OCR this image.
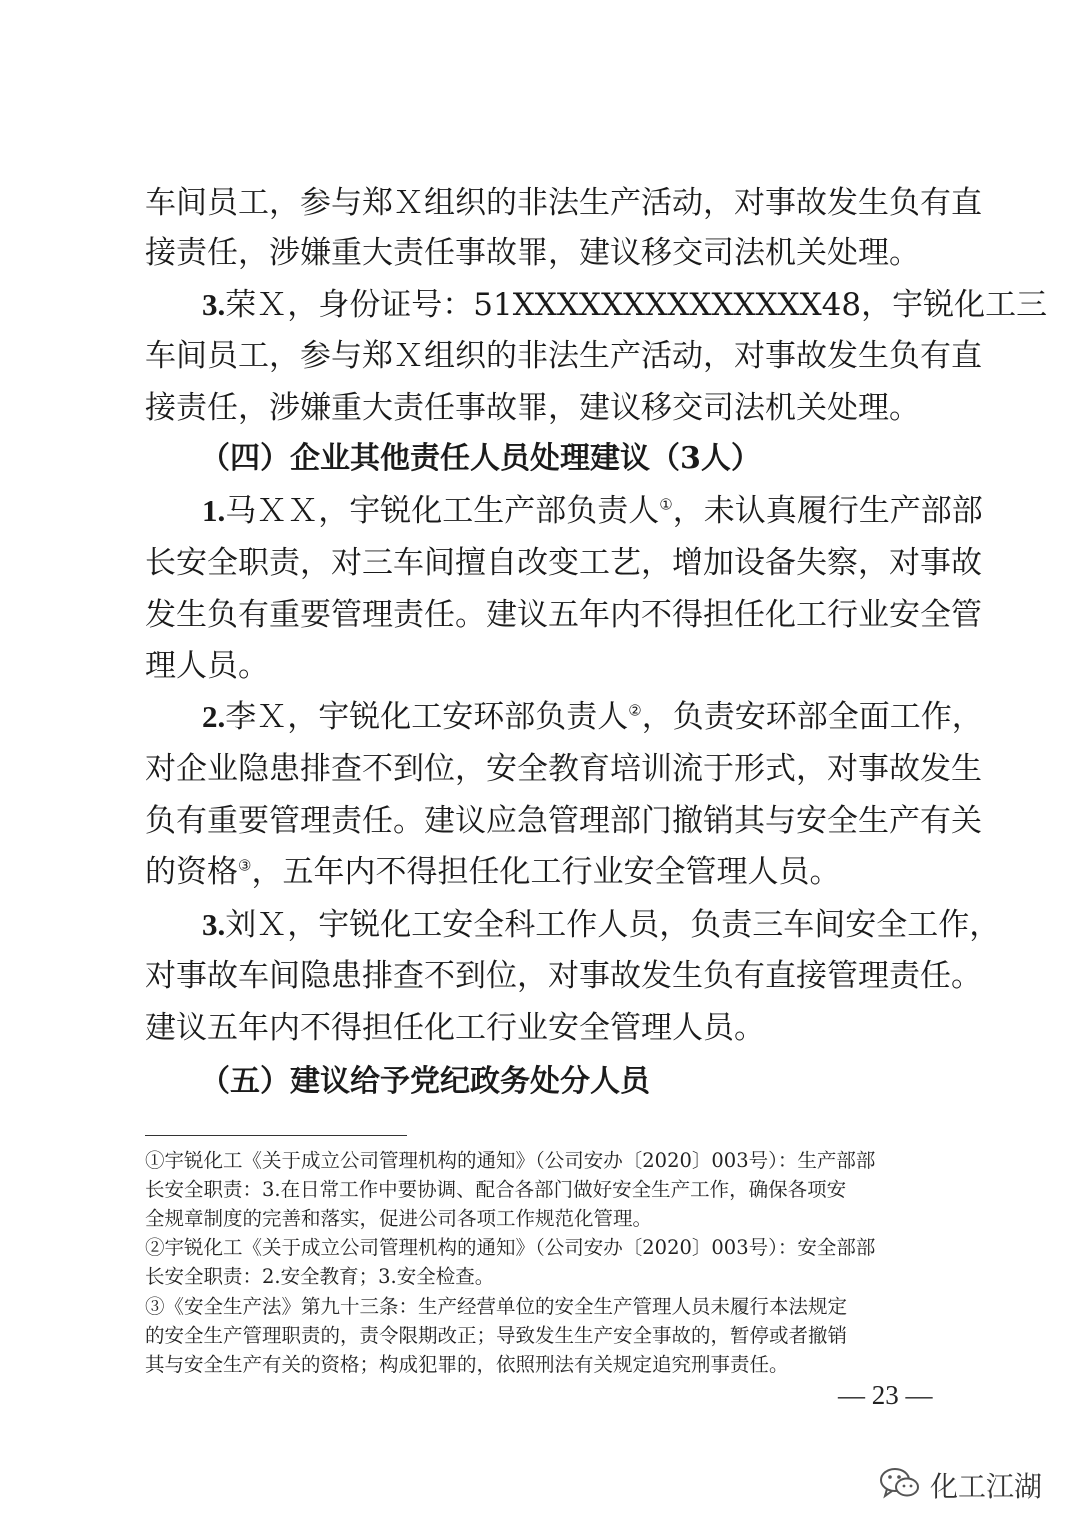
车间员工，参与郑Ｘ组织的非法生产活动，对事故发生负有直
接责任，涉嫌重大责任事故罪，建议移交司法机关处理。
3.荣Ｘ，身份证号：51XXXXXXXXXXXXXX48，宇锐化工三
车间员工，参与郑Ｘ组织的非法生产活动，对事故发生负有直
接责任，涉嫌重大责任事故罪，建议移交司法机关处理。
（四）企业其他责任人员处理建议（3人）
1.马ＸＸ，宇锐化工生产部负责人①，未认真履行生产部部
长安全职责，对三车间擅自改变工艺，增加设备失察，对事故
发生负有重要管理责任。建议五年内不得担任化工行业安全管
理人员。
2.李Ｘ，宇锐化工安环部负责人②，负责安环部全面工作，
对企业隐患排查不到位，安全教育培训流于形式，对事故发生
负有重要管理责任。建议应急管理部门撤销其与安全生产有关
的资格③，五年内不得担任化工行业安全管理人员。
3.刘Ｘ，宇锐化工安全科工作人员，负责三车间安全工作，
对事故车间隐患排查不到位，对事故发生负有直接管理责任。
建议五年内不得担任化工行业安全管理人员。
（五）建议给予党纪政务处分人员
①宇锐化工《关于成立公司管理机构的通知》（公司安办〔2020〕003号）：生产部部
长安全职责：3.在日常工作中要协调、配合各部门做好安全生产工作，确保各项安
全规章制度的完善和落实，促进公司各项工作规范化管理。
②宇锐化工《关于成立公司管理机构的通知》（公司安办〔2020〕003号）：安全部部
长安全职责：2.安全教育；3.安全检查。
③《安全生产法》第九十三条：生产经营单位的安全生产管理人员未履行本法规定
的安全生产管理职责的，责令限期改正；导致发生生产安全事故的，暂停或者撤销
其与安全生产有关的资格；构成犯罪的，依照刑法有关规定追究刑事责任。
— 23 —
化工江湖
